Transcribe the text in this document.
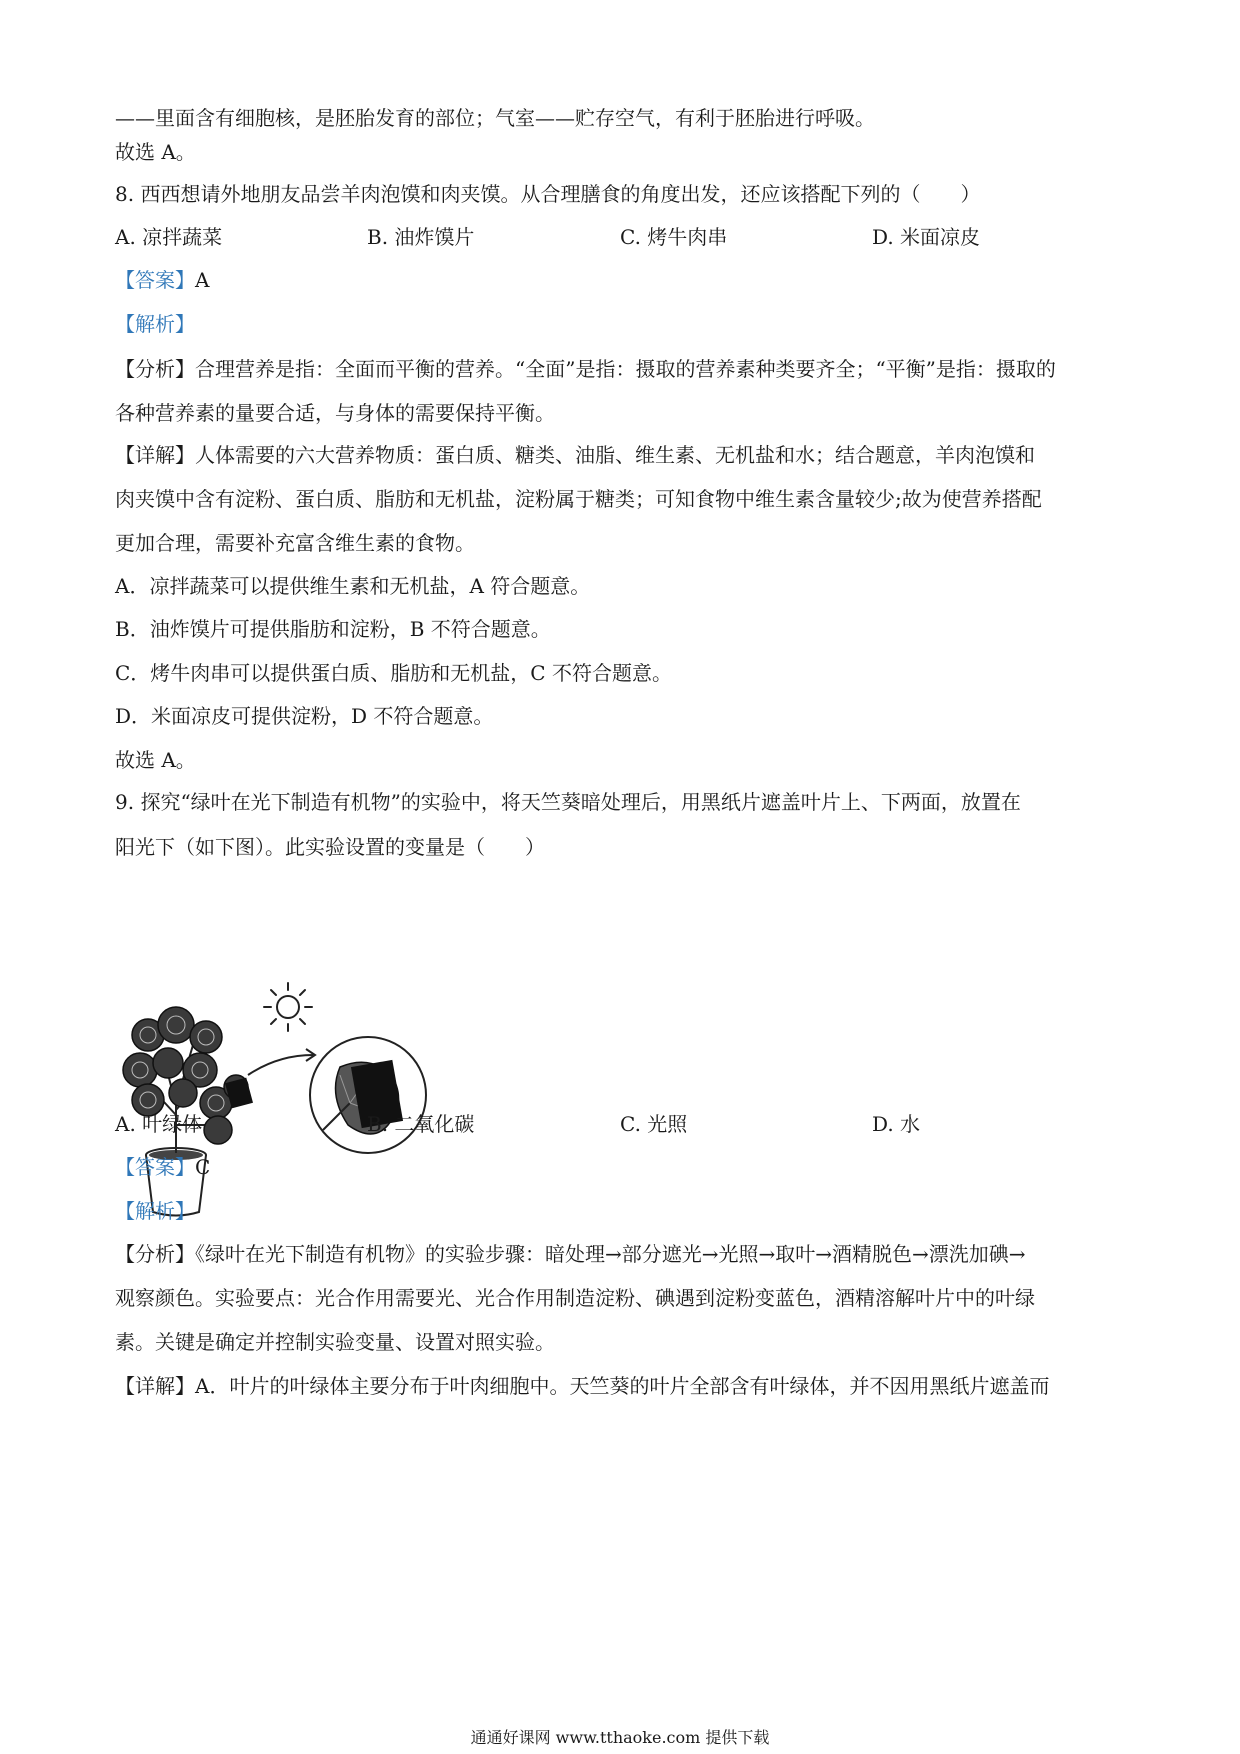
——里面含有细胞核，是胚胎发育的部位；气室——贮存空气，有利于胚胎进行呼吸。
故选 A。
8. 西西想请外地朋友品尝羊肉泡馍和肉夹馍。从合理膳食的角度出发，还应该搭配下列的（　　）
A. 凉拌蔬菜	B. 油炸馍片	C. 烤牛肉串	D. 米面凉皮
【答案】A
【解析】
【分析】合理营养是指：全面而平衡的营养。“全面”是指：摄取的营养素种类要齐全；“平衡”是指：摄取的
各种营养素的量要合适，与身体的需要保持平衡。
【详解】人体需要的六大营养物质：蛋白质、糖类、油脂、维生素、无机盐和水；结合题意，羊肉泡馍和
肉夹馍中含有淀粉、蛋白质、脂肪和无机盐，淀粉属于糖类；可知食物中维生素含量较少;故为使营养搭配
更加合理，需要补充富含维生素的食物。
A．凉拌蔬菜可以提供维生素和无机盐，A 符合题意。
B．油炸馍片可提供脂肪和淀粉，B 不符合题意。
C．烤牛肉串可以提供蛋白质、脂肪和无机盐，C 不符合题意。
D．米面凉皮可提供淀粉，D 不符合题意。
故选 A。
9. 探究“绿叶在光下制造有机物”的实验中，将天竺葵暗处理后，用黑纸片遮盖叶片上、下两面，放置在
阳光下（如下图）。此实验设置的变量是（　　）
A. 叶绿体	B. 二氧化碳	C. 光照	D. 水
【答案】C
【解析】
【分析】《绿叶在光下制造有机物》的实验步骤：暗处理→部分遮光→光照→取叶→酒精脱色→漂洗加碘→
观察颜色。实验要点：光合作用需要光、光合作用制造淀粉、碘遇到淀粉变蓝色，酒精溶解叶片中的叶绿
素。关键是确定并控制实验变量、设置对照实验。
【详解】A．叶片的叶绿体主要分布于叶肉细胞中。天竺葵的叶片全部含有叶绿体，并不因用黑纸片遮盖而
通通好课网 www.tthaoke.com 提供下载
